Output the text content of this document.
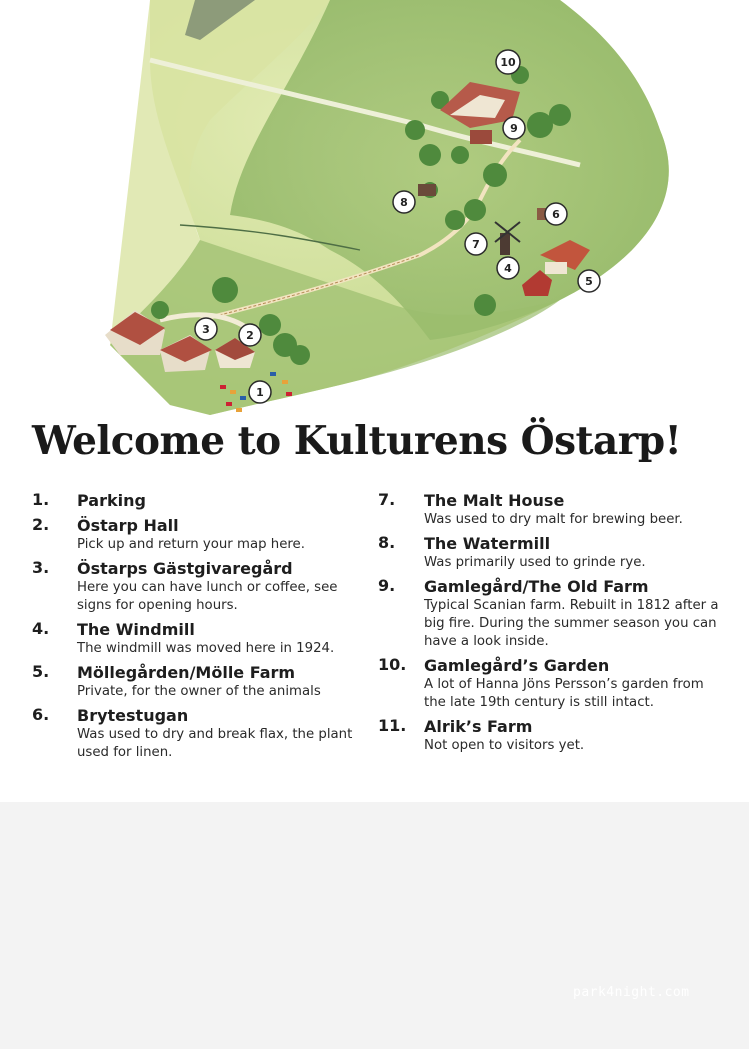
1
2
3
4
5
6
7
8
9
10
Welcome to Kulturens Östarp!
1. Parking
2. Östarp Hall
Pick up and return your map here.
3. Östarps Gästgivaregård
Here you can have lunch or coffee, see signs for opening hours.
4. The Windmill
The windmill was moved here in 1924.
5. Möllegården/Mölle Farm
Private, for the owner of the animals
6. Brytestugan
Was used to dry and break flax, the plant used for linen.
7. The Malt House
Was used to dry malt for brewing beer.
8. The Watermill
Was primarily used to grinde rye.
9. Gamlegård/The Old Farm
Typical Scanian farm. Rebuilt in 1812 after a big fire. During the summer season you can have a look inside.
10. Gamlegård’s Garden
A lot of Hanna Jöns Persson’s garden from the late 19th century is still intact.
11. Alrik’s Farm
Not open to visitors yet.
park4night.com
